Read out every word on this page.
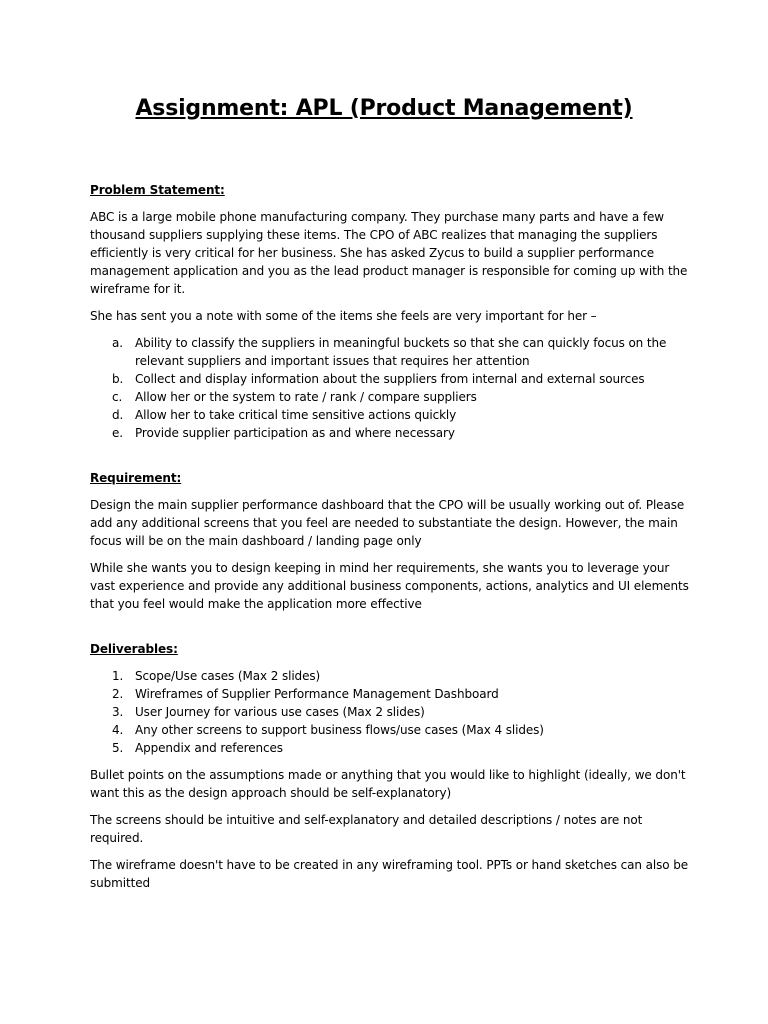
Assignment: APL (Product Management)
Problem Statement:

ABC is a large mobile phone manufacturing company. They purchase many parts and have a few thousand suppliers supplying these items. The CPO of ABC realizes that managing the suppliers efficiently is very critical for her business. She has asked Zycus to build a supplier performance management application and you as the lead product manager is responsible for coming up with the wireframe for it.

She has sent you a note with some of the items she feels are very important for her –

a. Ability to classify the suppliers in meaningful buckets so that she can quickly focus on the relevant suppliers and important issues that requires her attention
b. Collect and display information about the suppliers from internal and external sources
c. Allow her or the system to rate / rank / compare suppliers
d. Allow her to take critical time sensitive actions quickly
e. Provide supplier participation as and where necessary
Requirement:

Design the main supplier performance dashboard that the CPO will be usually working out of. Please add any additional screens that you feel are needed to substantiate the design. However, the main focus will be on the main dashboard / landing page only

While she wants you to design keeping in mind her requirements, she wants you to leverage your vast experience and provide any additional business components, actions, analytics and UI elements that you feel would make the application more effective

Deliverables:
1. Scope/Use cases (Max 2 slides)
2. Wireframes of Supplier Performance Management Dashboard
3. User Journey for various use cases (Max 2 slides)
4. Any other screens to support business flows/use cases (Max 4 slides)
5. Appendix and references

Bullet points on the assumptions made or anything that you would like to highlight (ideally, we don't want this as the design approach should be self-explanatory)

The screens should be intuitive and self-explanatory and detailed descriptions / notes are not required.

The wireframe doesn't have to be created in any wireframing tool. PPTs or hand sketches can also be submitted
